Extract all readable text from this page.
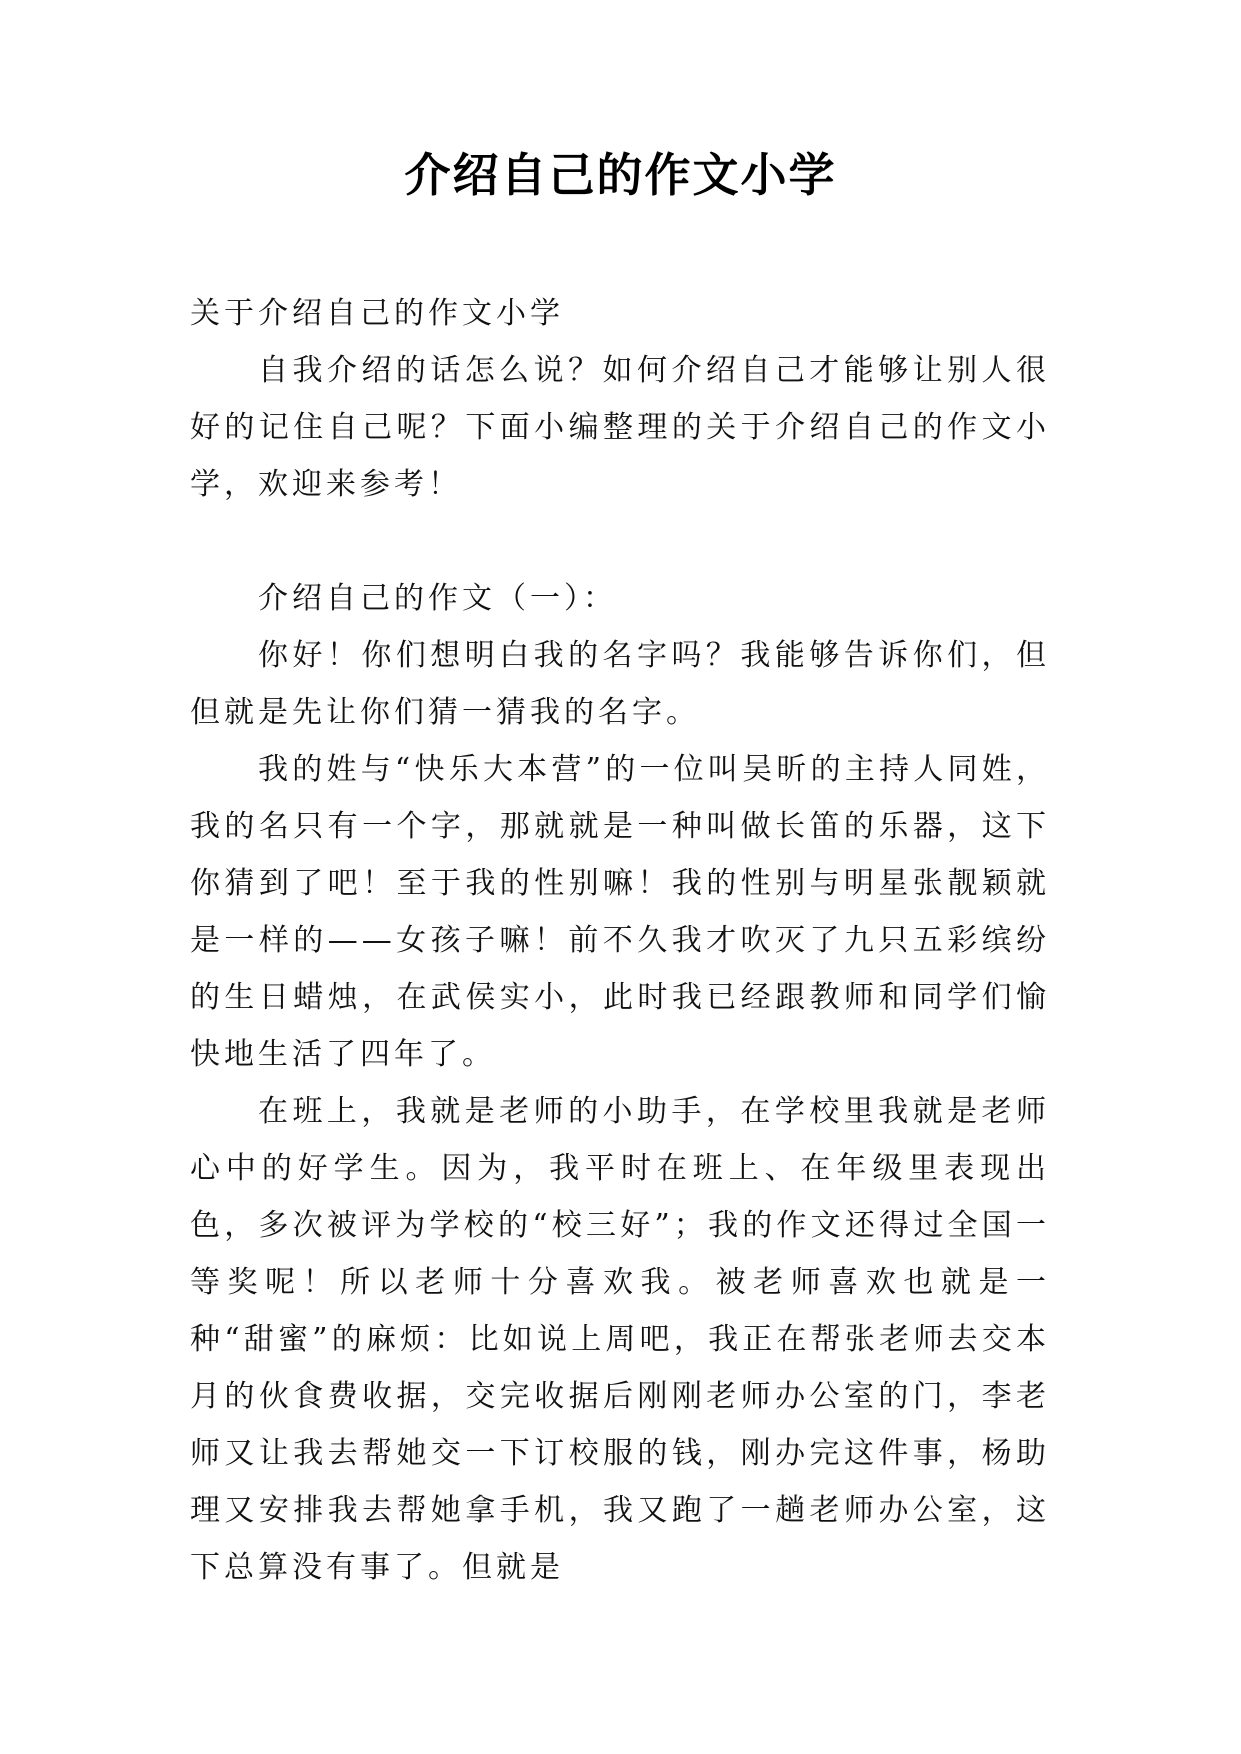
介绍自己的作文小学

关于介绍自己的作文小学

自我介绍的话怎么说？如何介绍自己才能够让别人很好的记住自己呢？下面小编整理的关于介绍自己的作文小学，欢迎来参考！

介绍自己的作文（一）：

你好！你们想明白我的名字吗？我能够告诉你们，但但就是先让你们猜一猜我的名字。

我的姓与“快乐大本营”的一位叫吴昕的主持人同姓，我的名只有一个字，那就就是一种叫做长笛的乐器，这下你猜到了吧！至于我的性别嘛！我的性别与明星张靓颖就是一样的——女孩子嘛！前不久我才吹灭了九只五彩缤纷的生日蜡烛，在武侯实小，此时我已经跟教师和同学们愉快地生活了四年了。

在班上，我就是老师的小助手，在学校里我就是老师心中的好学生。因为，我平时在班上、在年级里表现出色，多次被评为学校的“校三好”；我的作文还得过全国一等奖呢！所以老师十分喜欢我。被老师喜欢也就是一种“甜蜜”的麻烦：比如说上周吧，我正在帮张老师去交本月的伙食费收据，交完收据后刚刚老师办公室的门，李老师又让我去帮她交一下订校服的钱，刚办完这件事，杨助理又安排我去帮她拿手机，我又跑了一趟老师办公室，这下总算没有事了。但就是
